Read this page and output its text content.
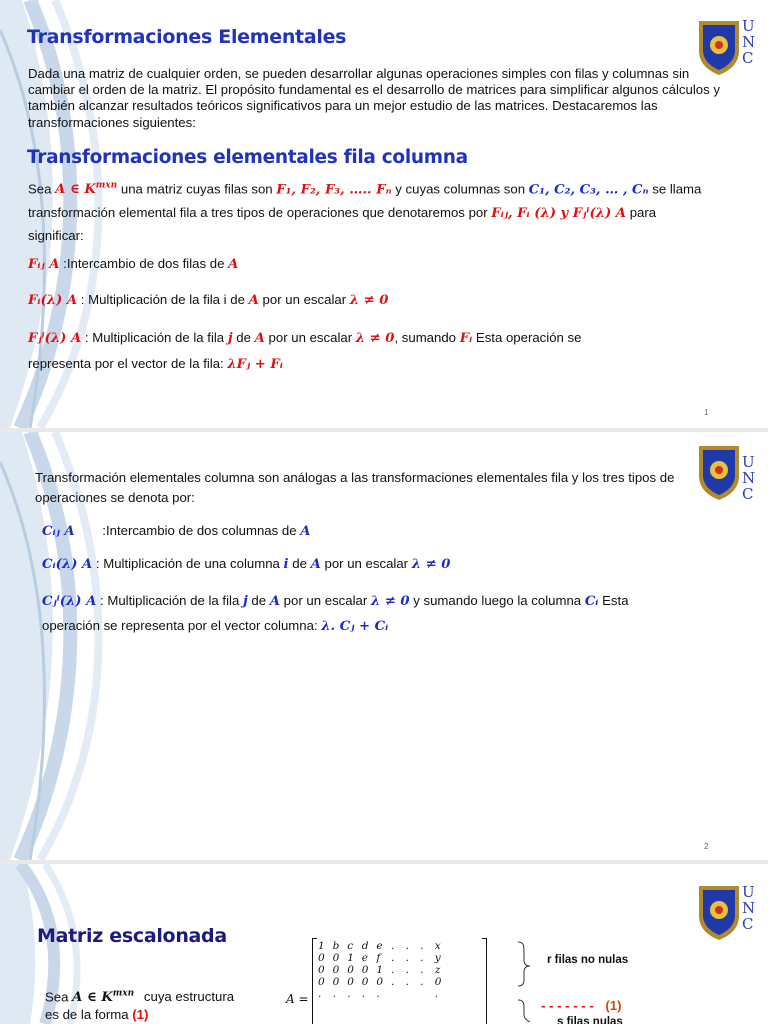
Transformaciones Elementales	U
N
C
Dada una matriz de cualquier orden, se pueden desarrollar algunas operaciones simples con filas y columnas sin cambiar el orden de la matriz. El propósito fundamental es el desarrollo de matrices para simplificar algunos cálculos y también alcanzar resultados teóricos significativos para un mejor estudio de las matrices. Destacaremos las transformaciones siguientes:
Transformaciones elementales fila columna
Sea A ∈ $K^{mxn}$ una matriz cuyas filas son F₁, F₂, F₃, ….. Fₙ y cuyas columnas son C₁, C₂, C₃, … , Cₙ se llama
transformación elemental fila a tres tipos de operaciones que denotaremos por Fᵢⱼ, Fᵢ (λ) y Fⱼⁱ(λ) A para
significar:
Fᵢⱼ A :Intercambio de dos filas de A
Fᵢ(λ) A : Multiplicación de la fila i de A por un escalar λ ≠ 0
Fⱼⁱ(λ) A : Multiplicación de la fila j de A por un escalar λ ≠ 0, sumando Fᵢ Esta operación se
representa por el vector de la fila: λFⱼ + Fᵢ
1
U
N
C
Transformación elementales columna son análogas a las transformaciones elementales fila y los tres tipos de operaciones se denota por:
Cᵢⱼ A :Intercambio de dos columnas de A
Cᵢ(λ) A : Multiplicación de una columna i de A por un escalar λ ≠ 0
Cⱼⁱ(λ) A : Multiplicación de la fila j de A por un escalar λ ≠ 0 y sumando luego la columna Cᵢ Esta
operación se representa por el vector columna: λ. Cⱼ + Cᵢ
2
U
N
C
Matriz escalonada
Sea A ∈ $K^{mxn}$ cuya estructura
es de la forma (1)
A =
1 b c d e .	.	.	x
0 0 1 e f	.	.	.	y
0 0 0 0 1 .	.	.	z
0 0 0 0 0 .	.	.	0
.	.	.	.	.	.
r filas no nulas
- - - - - - - (1)
s filas nulas
